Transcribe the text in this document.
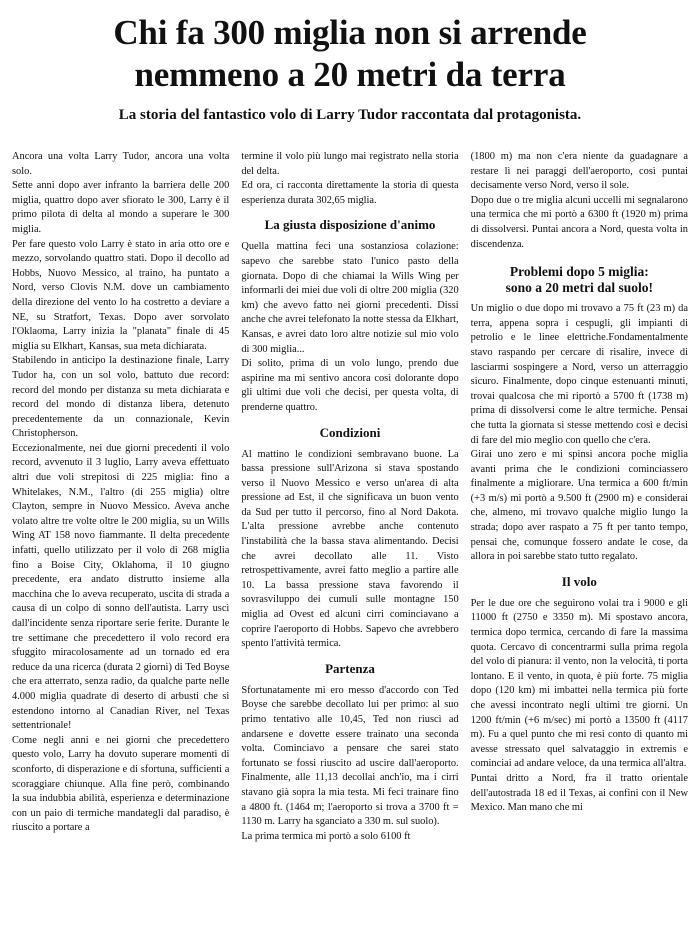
Chi fa 300 miglia non si arrende
nemmeno a 20 metri da terra
La storia del fantastico volo di Larry Tudor raccontata dal protagonista.

Ancora una volta Larry Tudor, ancora una volta solo.

Sette anni dopo aver infranto la barriera delle 200 miglia, quattro dopo aver sfiorato le 300, Larry è il primo pilota di delta al mondo a superare le 300 miglia.

Per fare questo volo Larry è stato in aria otto ore e mezzo, sorvolando quattro stati. Dopo il decollo ad Hobbs, Nuovo Messico, al traino, ha puntato a Nord, verso Clovis N.M. dove un cambiamento della direzione del vento lo ha costretto a deviare a NE, su Stratfort, Texas. Dopo aver sorvolato l'Oklaoma, Larry inizia la "planata" finale di 45 miglia su Elkhart, Kansas, sua meta dichiarata.

Stabilendo in anticipo la destinazione finale, Larry Tudor ha, con un sol volo, battuto due record: record del mondo per distanza su meta dichiarata e record del mondo di distanza libera, detenuto precedentemente da un connazionale, Kevin Christopherson.

Eccezionalmente, nei due giorni precedenti il volo record, avvenuto il 3 luglio, Larry aveva effettuato altri due voli strepitosi di 225 miglia: fino a Whitelakes, N.M., l'altro (di 255 miglia) oltre Clayton, sempre in Nuovo Messico. Aveva anche volato altre tre volte oltre le 200 miglia, su un Wills Wing AT 158 novo fiammante. Il delta precedente infatti, quello utilizzato per il volo di 268 miglia fino a Boise City, Oklahoma, il 10 giugno precedente, era andato distrutto insieme alla macchina che lo aveva recuperato, uscita di strada a causa di un colpo di sonno dell'autista. Larry uscì dall'incidente senza riportare serie ferite. Durante le tre settimane che precedettero il volo record era sfuggito miracolosamente ad un tornado ed era reduce da una ricerca (durata 2 giorni) di Ted Boyse che era atterrato, senza radio, da qualche parte nelle 4.000 miglia quadrate di deserto di arbusti che si estendono intorno al Canadian River, nel Texas settentrionale!

Come negli anni e nei giorni che precedettero questo volo, Larry ha dovuto superare momenti di sconforto, di disperazione e di sfortuna, sufficienti a scoraggiare chiunque. Alla fine però, combinando la sua indubbia abilità, esperienza e determinazione con un paio di termiche mandategli dal paradiso, è riuscito a portare a

termine il volo più lungo mai registrato nella storia del delta.

Ed ora, ci racconta direttamente la storia di questa esperienza durata 302,65 miglia.

La giusta disposizione d'animo

Quella mattina feci una sostanziosa colazione: sapevo che sarebbe stato l'unico pasto della giornata. Dopo di che chiamai la Wills Wing per informarli dei miei due voli di oltre 200 miglia (320 km) che avevo fatto nei giorni precedenti. Dissi anche che avrei telefonato la notte stessa da Elkhart, Kansas, e avrei dato loro altre notizie sul mio volo di 300 miglia...

Di solito, prima di un volo lungo, prendo due aspirine ma mi sentivo ancora così dolorante dopo gli ultimi due voli che decisi, per questa volta, di prenderne quattro.

Condizioni

Al mattino le condizioni sembravano buone. La bassa pressione sull'Arizona si stava spostando verso il Nuovo Messico e verso un'area di alta pressione ad Est, il che significava un buon vento da Sud per tutto il percorso, fino al Nord Dakota. L'alta pressione avrebbe anche contenuto l'instabilità che la bassa stava alimentando. Decisi che avrei decollato alle 11. Visto retrospettivamente, avrei fatto meglio a partire alle 10. La bassa pressione stava favorendo il sovrasviluppo dei cumuli sulle montagne 150 miglia ad Ovest ed alcuni cirri cominciavano a coprire l'aeroporto di Hobbs. Sapevo che avrebbero spento l'attività termica.

Partenza

Sfortunatamente mi ero messo d'accordo con Ted Boyse che sarebbe decollato lui per primo: al suo primo tentativo alle 10,45, Ted non riuscì ad andarsene e dovette essere trainato una seconda volta. Cominciavo a pensare che sarei stato fortunato se fossi riuscito ad uscire dall'aeroporto. Finalmente, alle 11,13 decollai anch'io, ma i cirri stavano già sopra la mia testa. Mi feci trainare fino a 4800 ft. (1464 m; l'aeroporto si trova a 3700 ft = 1130 m. Larry ha sganciato a 330 m. sul suolo).

La prima termica mi portò a solo 6100 ft

(1800 m) ma non c'era niente da guadagnare a restare lì nei paraggi dell'aeroporto, così puntai decisamente verso Nord, verso il sole.

Dopo due o tre miglia alcuni uccelli mi segnalarono una termica che mi portò a 6300 ft (1920 m) prima di dissolversi. Puntai ancora a Nord, questa volta in discendenza.

Problemi dopo 5 miglia:
sono a 20 metri dal suolo!

Un miglio o due dopo mi trovavo a 75 ft (23 m) da terra, appena sopra i cespugli, gli impianti di petrolio e le linee elettriche.Fondamentalmente stavo raspando per cercare di risalire, invece di lasciarmi sospingere a Nord, verso un atterraggio sicuro. Finalmente, dopo cinque estenuanti minuti, trovai qualcosa che mi riportò a 5700 ft (1738 m) prima di dissolversi come le altre termiche. Pensai che tutta la giornata si stesse mettendo così e decisi di fare del mio meglio con quello che c'era.

Girai uno zero e mi spinsi ancora poche miglia avanti prima che le condizioni cominciassero finalmente a migliorare. Una termica a 600 ft/min (+3 m/s) mi portò a 9.500 ft (2900 m) e considerai che, almeno, mi trovavo qualche miglio lungo la strada; dopo aver raspato a 75 ft per tanto tempo, pensai che, comunque fossero andate le cose, da allora in poi sarebbe stato tutto regalato.

Il volo

Per le due ore che seguirono volai tra i 9000 e gli 11000 ft (2750 e 3350 m). Mi spostavo ancora, termica dopo termica, cercando di fare la massima quota. Cercavo di concentrarmi sulla prima regola del volo di pianura: il vento, non la velocità, ti porta lontano. E il vento, in quota, è più forte. 75 miglia dopo (120 km) mi imbattei nella termica più forte che avessi incontrato negli ultimi tre giorni. Un 1200 ft/min (+6 m/sec) mi portò a 13500 ft (4117 m). Fu a quel punto che mi resi conto di quanto mi avesse stressato quel salvataggio in extremis e cominciai ad andare veloce, da una termica all'altra.

Puntai dritto a Nord, fra il tratto orientale dell'autostrada 18 ed il Texas, ai confini con il New Mexico. Man mano che mi
